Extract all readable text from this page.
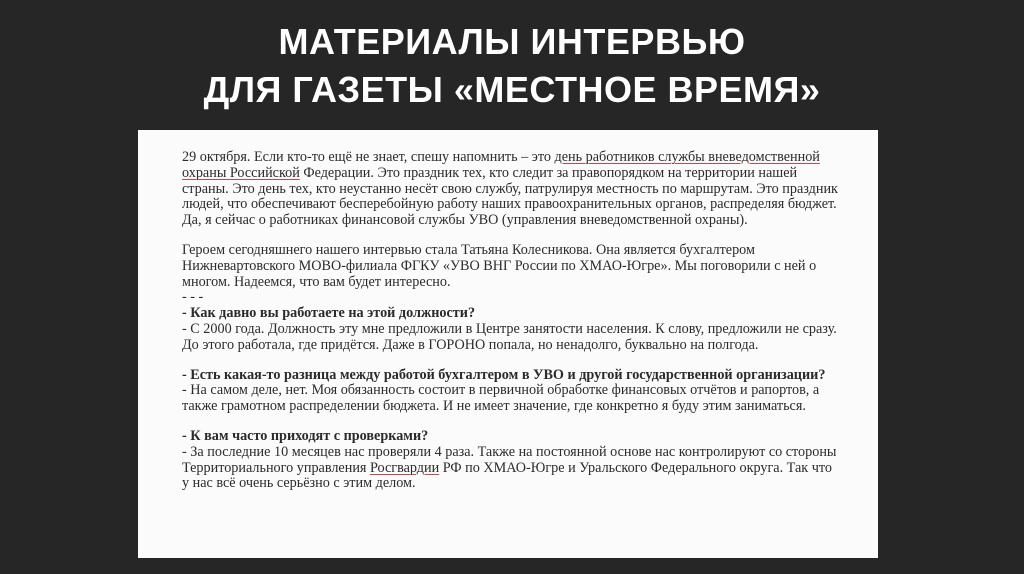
МАТЕРИАЛЫ ИНТЕРВЬЮ
ДЛЯ ГАЗЕТЫ «МЕСТНОЕ ВРЕМЯ»

29 октября. Если кто-то ещё не знает, спешу напомнить – это день работников службы вневедомственной охраны Российской Федерации. Это праздник тех, кто следит за правопорядком на территории нашей страны. Это день тех, кто неустанно несёт свою службу, патрулируя местность по маршрутам. Это праздник людей, что обеспечивают бесперебойную работу наших правоохранительных органов, распределяя бюджет. Да, я сейчас о работниках финансовой службы УВО (управления вневедомственной охраны).

Героем сегодняшнего нашего интервью стала Татьяна Колесникова. Она является бухгалтером Нижневартовского МОВО-филиала ФГКУ «УВО ВНГ России по ХМАО-Югре». Мы поговорили с ней о многом. Надеемся, что вам будет интересно.

- - -

- Как давно вы работаете на этой должности?

- С 2000 года. Должность эту мне предложили в Центре занятости населения. К слову, предложили не сразу. До этого работала, где придётся. Даже в ГОРОНО попала, но ненадолго, буквально на полгода.

- Есть какая-то разница между работой бухгалтером в УВО и другой государственной организации?

- На самом деле, нет. Моя обязанность состоит в первичной обработке финансовых отчётов и рапортов, а также грамотном распределении бюджета. И не имеет значение, где конкретно я буду этим заниматься.

- К вам часто приходят с проверками?

- За последние 10 месяцев нас проверяли 4 раза. Также на постоянной основе нас контролируют со стороны Территориального управления Росгвардии РФ по ХМАО-Югре и Уральского Федерального округа. Так что у нас всё очень серьёзно с этим делом.
